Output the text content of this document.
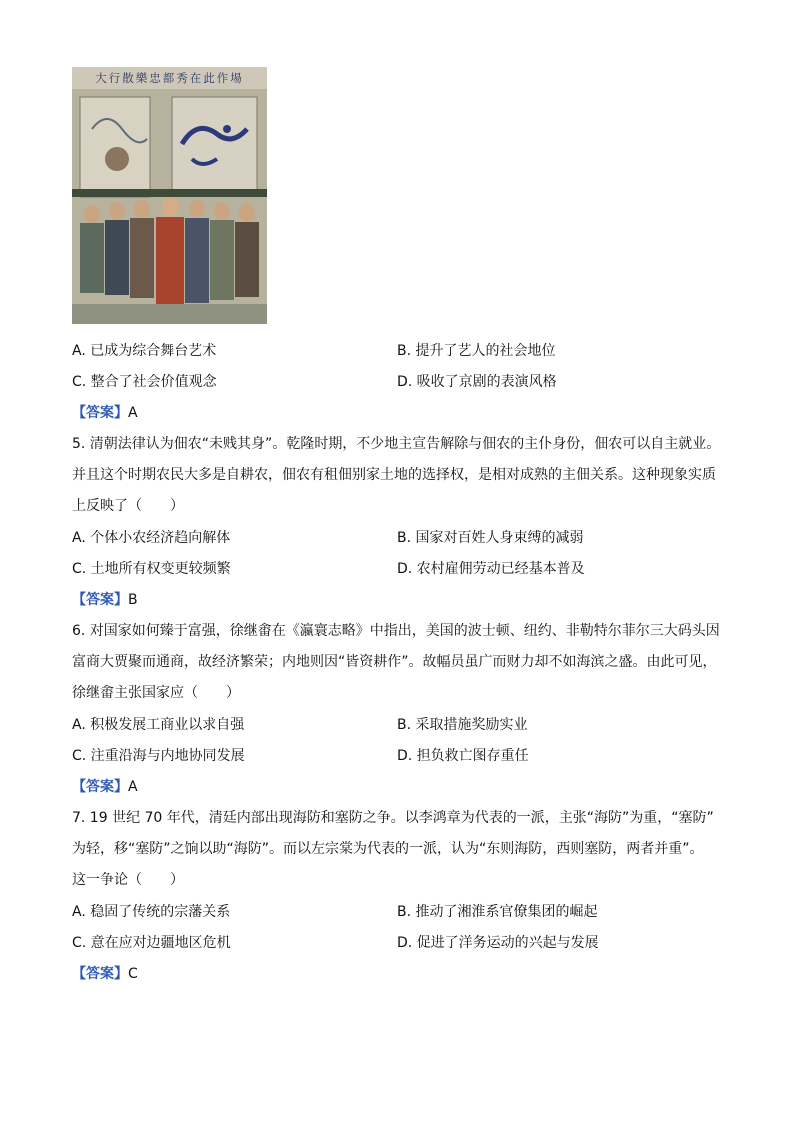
大行散樂忠都秀在此作場
A. 已成为综合舞台艺术	B. 提升了艺人的社会地位
C. 整合了社会价值观念	D. 吸收了京剧的表演风格
【答案】A
5. 清朝法律认为佃农“未贱其身”。乾隆时期，不少地主宣告解除与佃农的主仆身份，佃农可以自主就业。
并且这个时期农民大多是自耕农，佃农有租佃别家土地的选择权，是相对成熟的主佃关系。这种现象实质
上反映了（　　）
A. 个体小农经济趋向解体	B. 国家对百姓人身束缚的减弱
C. 土地所有权变更较频繁	D. 农村雇佣劳动已经基本普及
【答案】B
6. 对国家如何臻于富强，徐继畬在《瀛寰志略》中指出，美国的波士顿、纽约、非勒特尔菲尔三大码头因
富商大贾聚而通商，故经济繁荣；内地则因“皆资耕作”。故幅员虽广而财力却不如海滨之盛。由此可见，
徐继畬主张国家应（　　）
A. 积极发展工商业以求自强	B. 采取措施奖励实业
C. 注重沿海与内地协同发展	D. 担负救亡图存重任
【答案】A
7. 19 世纪 70 年代，清廷内部出现海防和塞防之争。以李鸿章为代表的一派，主张“海防”为重，“塞防”
为轻，移“塞防”之饷以助“海防”。而以左宗棠为代表的一派，认为“东则海防，西则塞防，两者并重”。
这一争论（　　）
A. 稳固了传统的宗藩关系	B. 推动了湘淮系官僚集团的崛起
C. 意在应对边疆地区危机	D. 促进了洋务运动的兴起与发展
【答案】C
